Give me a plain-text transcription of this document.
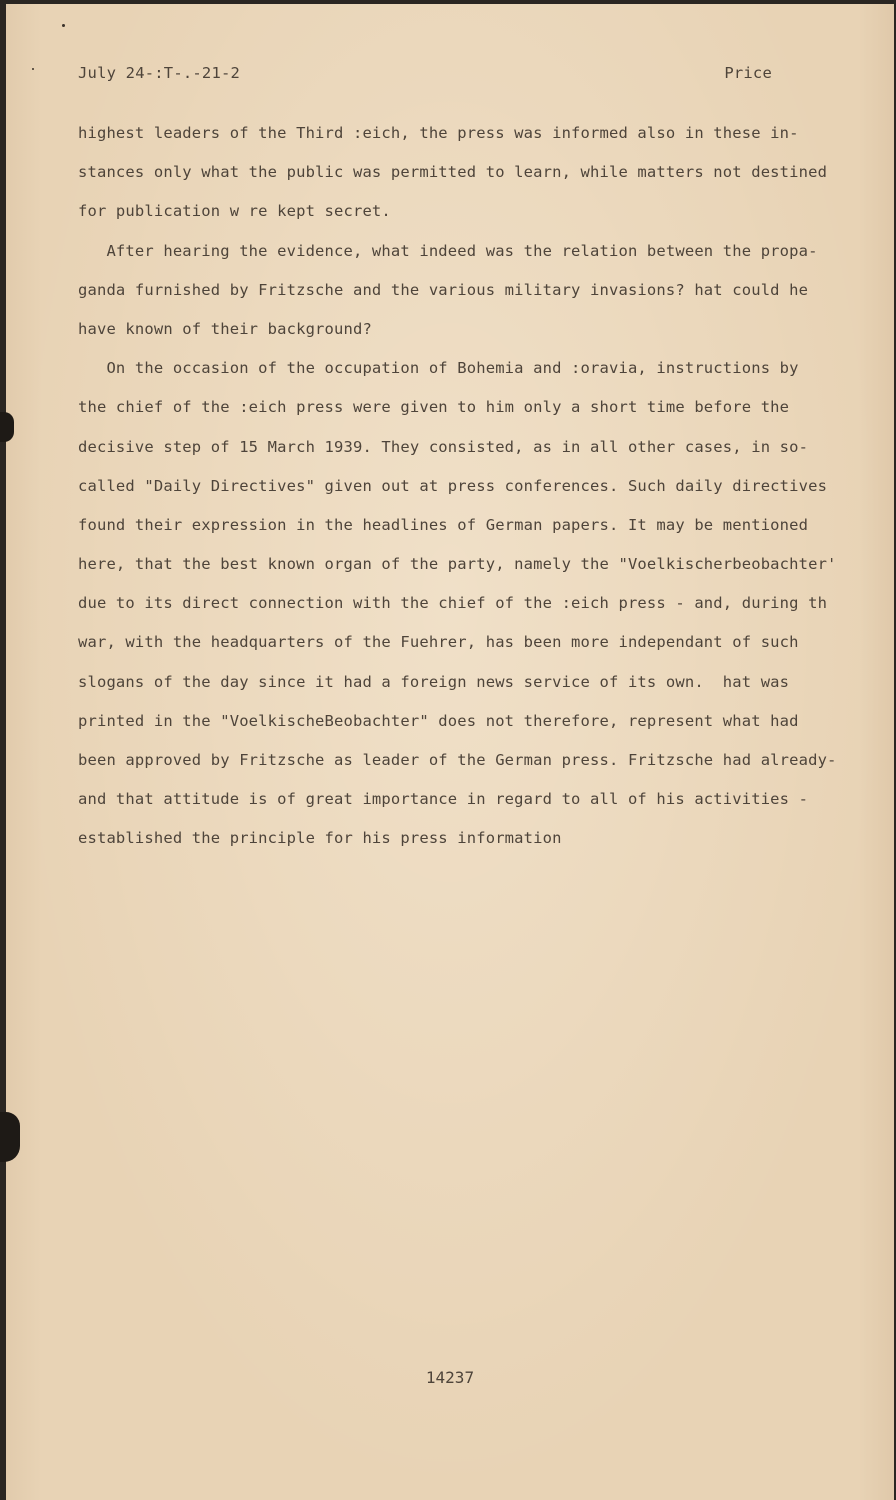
July 24-:T-.-21-2	Price
highest leaders of the Third :eich, the press was informed also in these in-
stances only what the public was permitted to learn, while matters not destined
for publication w re kept secret.
After hearing the evidence, what indeed was the relation between the propa-
ganda furnished by Fritzsche and the various military invasions? hat could he
have known of their background?
On the occasion of the occupation of Bohemia and :oravia, instructions by
the chief of the :eich press were given to him only a short time before the
decisive step of 15 March 1939. They consisted, as in all other cases, in so-
called "Daily Directives" given out at press conferences. Such daily directives
found their expression in the headlines of German papers. It may be mentioned
here, that the best known organ of the party, namely the "Voelkischerbeobachter'
due to its direct connection with the chief of the :eich press - and, during th
war, with the headquarters of the Fuehrer, has been more independant of such
slogans of the day since it had a foreign news service of its own.  hat was
printed in the "VoelkischeBeobachter" does not therefore, represent what had
been approved by Fritzsche as leader of the German press. Fritzsche had already-
and that attitude is of great importance in regard to all of his activities -
established the principle for his press information
14237
